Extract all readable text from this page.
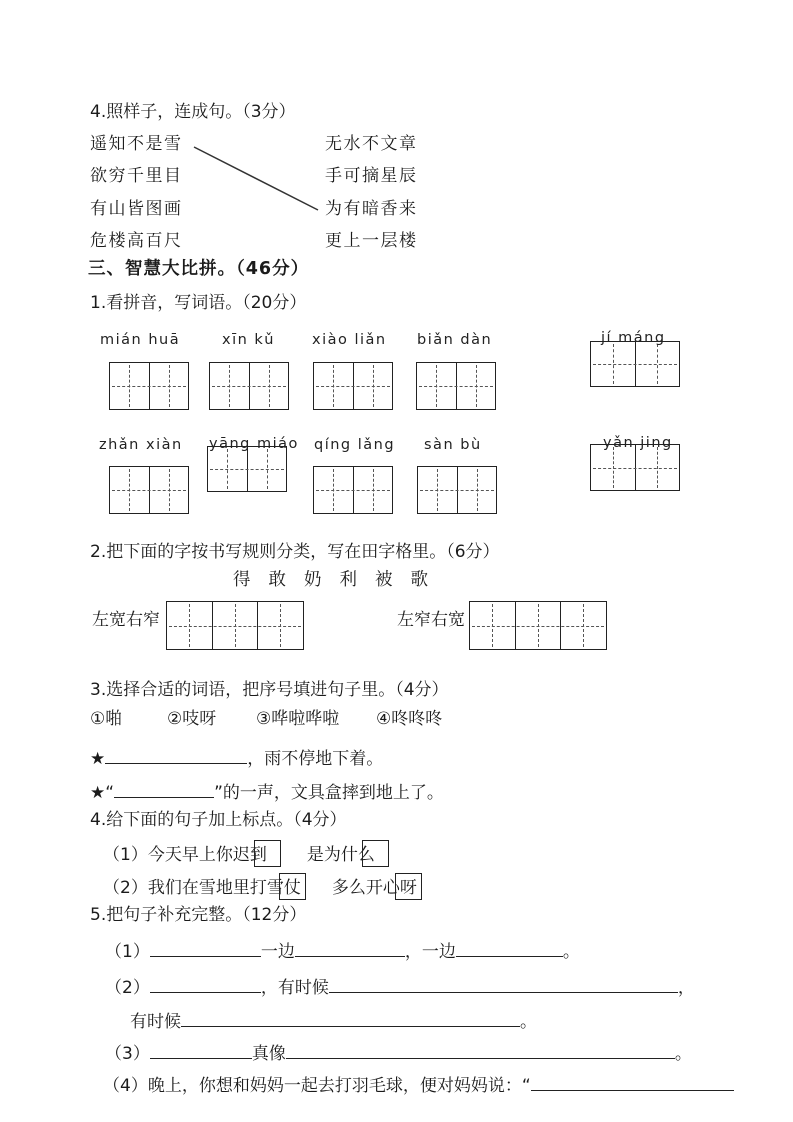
4.照样子，连成句。（3分）
遥知不是雪
欲穷千里目
有山皆图画
危楼高百尺
无水不文章
手可摘星辰
为有暗香来
更上一层楼
三、智慧大比拼。（46分）
1.看拼音，写词语。（20分）
mián huā	xīn kǔ	xiào liǎn biǎn dàn	jí máng
zhǎn xiàn yāng miáo qíng lǎng sàn bù	yǎn jing
2.把下面的字按书写规则分类，写在田字格里。（6分）
得 敢 奶 利 被 歌
左宽右窄	左窄右宽
3.选择合适的词语，把序号填进句子里。（4分）
①啪	②吱呀 ③哗啦哗啦 ④咚咚咚
★	，雨不停地下着。
★“	”的一声，文具盒摔到地上了。
4.给下面的句子加上标点。（4分）
（1）今天早上你迟到 是为什么
（2）我们在雪地里打雪仗 多么开心呀
5.把句子补充完整。（12分）
（1）	一边	，一边	。
（2）	，有时候	，
有时候	。
（3）	真像	。
（4）晚上，你想和妈妈一起去打羽毛球，便对妈妈说：“
